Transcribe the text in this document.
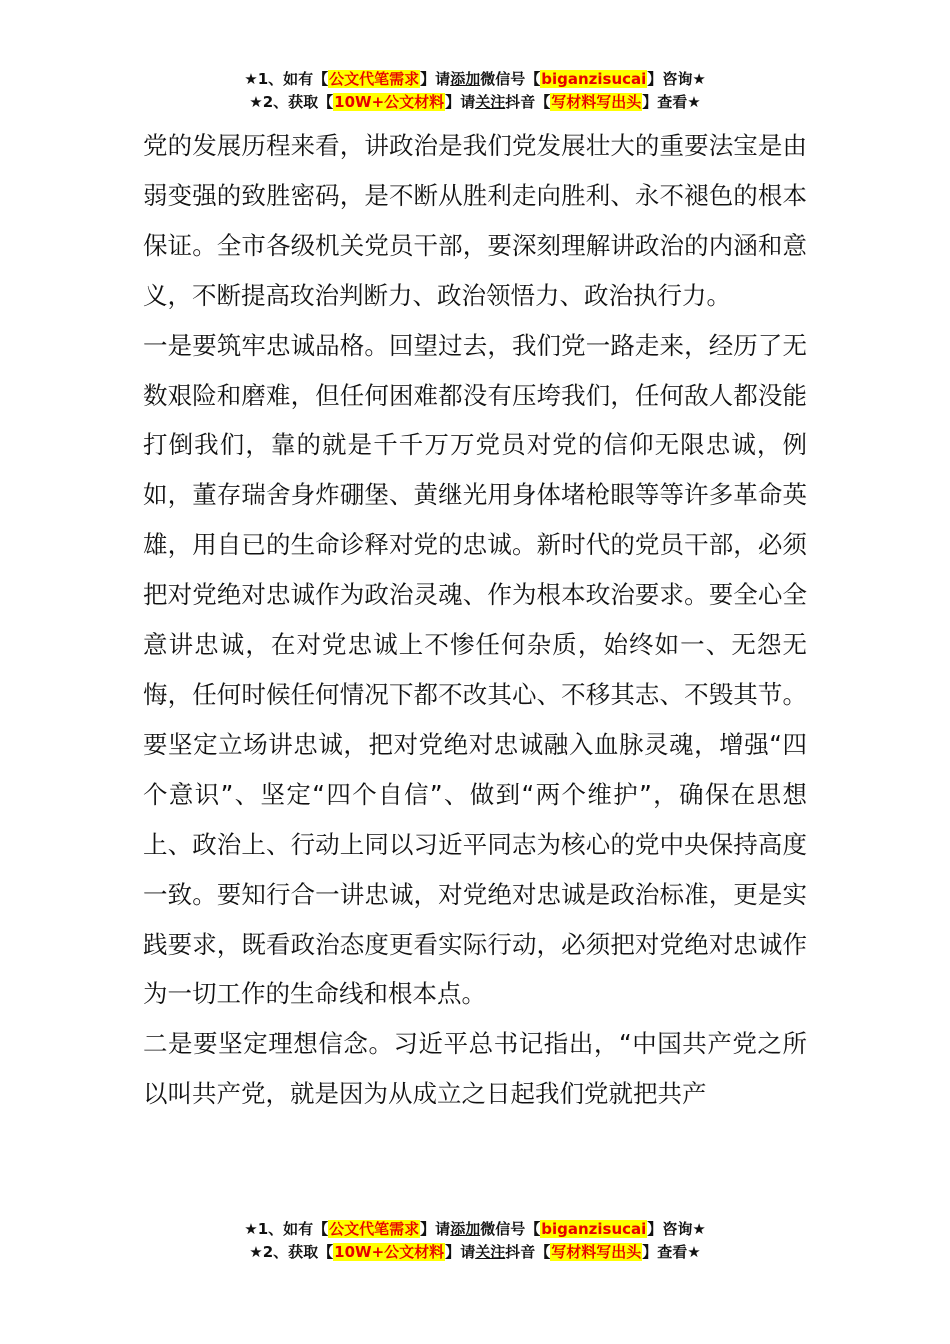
★1、如有【公文代笔需求】请添加微信号【biganzisucai】咨询★
★2、获取【10W+公文材料】请关注抖音【写材料写出头】查看★

党的发展历程来看，讲政治是我们党发展壮大的重要法宝是由弱变强的致胜密码，是不断从胜利走向胜利、永不褪色的根本保证。全市各级机关党员干部，要深刻理解讲政治的内涵和意义，不断提高玫治判断力、政治领悟力、政治执行力。

一是要筑牢忠诚品格。回望过去，我们党一路走来，经历了无数艰险和磨难，但任何困难都没有压垮我们，任何敌人都没能打倒我们，靠的就是千千万万党员对党的信仰无限忠诚，例如，董存瑞舍身炸硼堡、黄继光用身体堵枪眼等等许多革命英雄，用自已的生命诊释对党的忠诚。新时代的党员干部，必须把对党绝对忠诚作为政治灵魂、作为根本玫治要求。要全心全意讲忠诚，在对党忠诚上不惨任何杂质，始终如一、无怨无悔，任何时候任何情况下都不改其心、不移其志、不毁其节。要坚定立场讲忠诚，把对党绝对忠诚融入血脉灵魂，增强“四个意识”、坚定“四个自信”、做到“两个维护”，确保在思想上、政治上、行动上同以习近平同志为核心的党中央保持高度一致。要知行合一讲忠诚，对党绝对忠诚是政治标准，更是实践要求，既看政治态度更看实际行动，必须把对党绝对忠诚作为一切工作的生命线和根本点。

二是要坚定理想信念。习近平总书记指出，“中国共产党之所以叫共产党，就是因为从成立之日起我们党就把共产

★1、如有【公文代笔需求】请添加微信号【biganzisucai】咨询★
★2、获取【10W+公文材料】请关注抖音【写材料写出头】查看★
